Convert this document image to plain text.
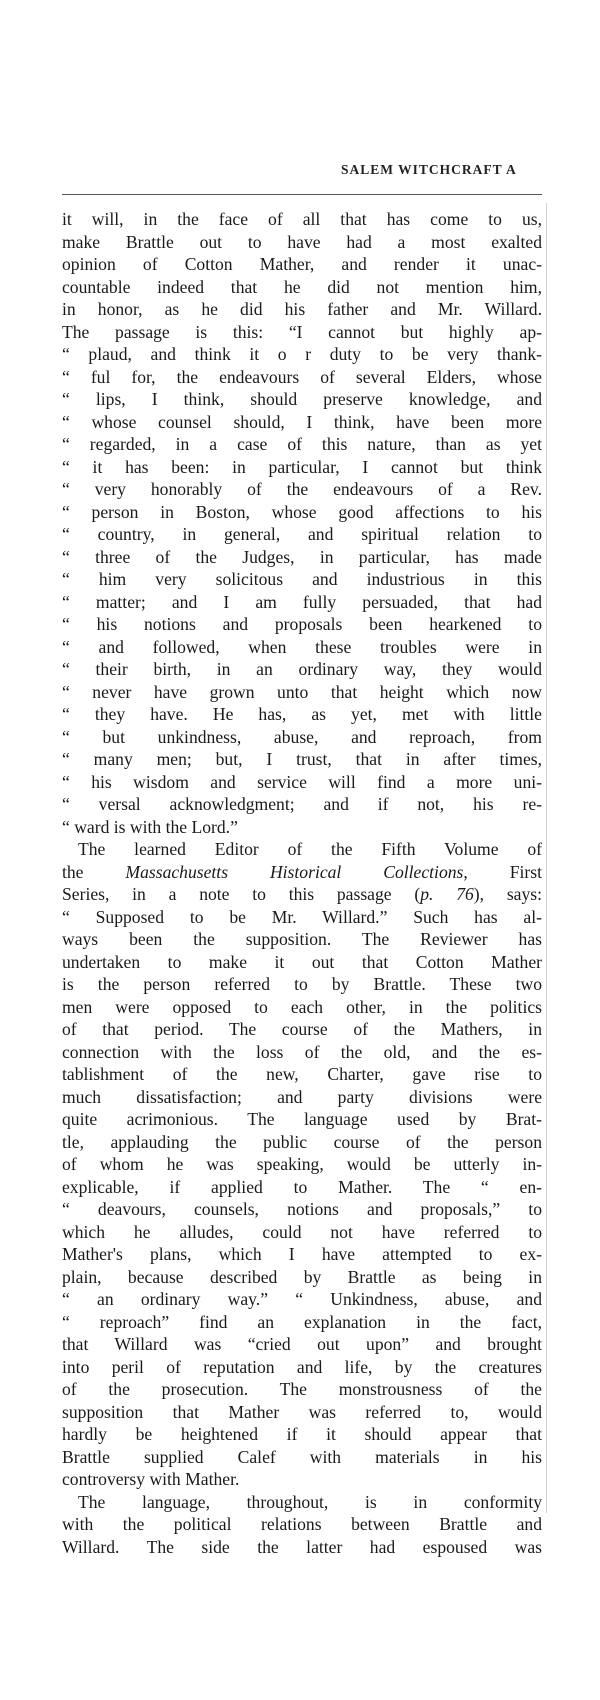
SALEM WITCHCRAFT A
it will, in the face of all that has come to us,
make Brattle out to have had a most exalted
opinion of Cotton Mather, and render it unac-
countable indeed that he did not mention him,
in honor, as he did his father and Mr. Willard.
The passage is this: “I cannot but highly ap-
“ plaud, and think it o r duty to be very thank-
“ ful for, the endeavours of several Elders, whose
“ lips, I think, should preserve knowledge, and
“ whose counsel should, I think, have been more
“ regarded, in a case of this nature, than as yet
“ it has been: in particular, I cannot but think
“ very honorably of the endeavours of a Rev.
“ person in Boston, whose good affections to his
“ country, in general, and spiritual relation to
“ three of the Judges, in particular, has made
“ him very solicitous and industrious in this
“ matter; and I am fully persuaded, that had
“ his notions and proposals been hearkened to
“ and followed, when these troubles were in
“ their birth, in an ordinary way, they would
“ never have grown unto that height which now
“ they have. He has, as yet, met with little
“ but unkindness, abuse, and reproach, from
“ many men; but, I trust, that in after times,
“ his wisdom and service will find a more uni-
“ versal acknowledgment; and if not, his re-
“ ward is with the Lord.”
The learned Editor of the Fifth Volume of
the Massachusetts Historical Collections, First
Series, in a note to this passage (p. 76), says:
“ Supposed to be Mr. Willard.” Such has al-
ways been the supposition. The Reviewer has
undertaken to make it out that Cotton Mather
is the person referred to by Brattle. These two
men were opposed to each other, in the politics
of that period. The course of the Mathers, in
connection with the loss of the old, and the es-
tablishment of the new, Charter, gave rise to
much dissatisfaction; and party divisions were
quite acrimonious. The language used by Brat-
tle, applauding the public course of the person
of whom he was speaking, would be utterly in-
explicable, if applied to Mather. The “ en-
“ deavours, counsels, notions and proposals,” to
which he alludes, could not have referred to
Mather's plans, which I have attempted to ex-
plain, because described by Brattle as being in
“ an ordinary way.” “ Unkindness, abuse, and
“ reproach” find an explanation in the fact,
that Willard was “cried out upon” and brought
into peril of reputation and life, by the creatures
of the prosecution. The monstrousness of the
supposition that Mather was referred to, would
hardly be heightened if it should appear that
Brattle supplied Calef with materials in his
controversy with Mather.
The language, throughout, is in conformity
with the political relations between Brattle and
Willard. The side the latter had espoused was
